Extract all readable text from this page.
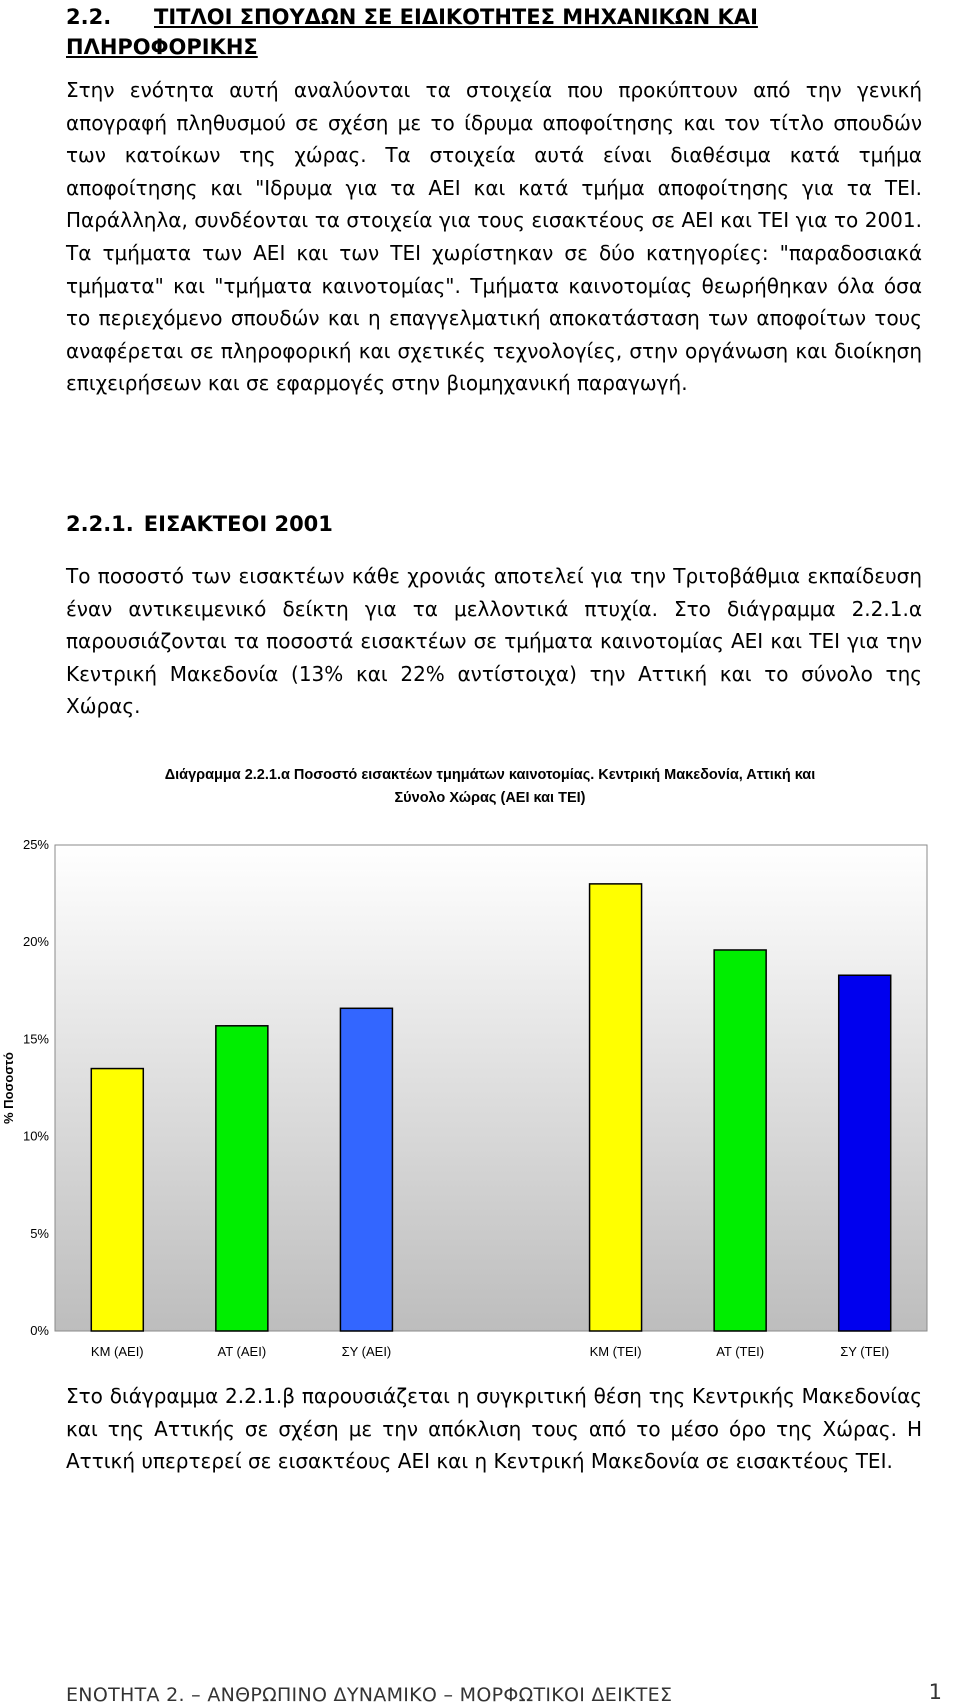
2.2. ΤΙΤΛΟΙ ΣΠΟΥΔΩΝ ΣΕ ΕΙΔΙΚΟΤΗΤΕΣ ΜΗΧΑΝΙΚΩΝ ΚΑΙ ΠΛΗΡΟΦΟΡΙΚΗΣ
Στην ενότητα αυτή αναλύονται τα στοιχεία που προκύπτουν από την γενική απογραφή πληθυσμού σε σχέση με το ίδρυμα αποφοίτησης και τον τίτλο σπουδών των κατοίκων της χώρας. Τα στοιχεία αυτά είναι διαθέσιμα κατά τμήμα αποφοίτησης και "Ιδρυμα για τα ΑΕΙ και κατά τμήμα αποφοίτησης για τα ΤΕΙ. Παράλληλα, συνδέονται τα στοιχεία για τους εισακτέους σε ΑΕΙ και ΤΕΙ για το 2001. Τα τμήματα των ΑΕΙ και των ΤΕΙ χωρίστηκαν σε δύο κατηγορίες: "παραδοσιακά τμήματα" και "τμήματα καινοτομίας". Τμήματα καινοτομίας θεωρήθηκαν όλα όσα το περιεχόμενο σπουδών και η επαγγελματική αποκατάσταση των αποφοίτων τους αναφέρεται σε πληροφορική και σχετικές τεχνολογίες, στην οργάνωση και διοίκηση επιχειρήσεων και σε εφαρμογές στην βιομηχανική παραγωγή.
2.2.1. ΕΙΣΑΚΤΕΟΙ 2001
Το ποσοστό των εισακτέων κάθε χρονιάς αποτελεί για την Τριτοβάθμια εκπαίδευση έναν αντικειμενικό δείκτη για τα μελλοντικά πτυχία. Στο διάγραμμα 2.2.1.α παρουσιάζονται τα ποσοστά εισακτέων σε τμήματα καινοτομίας ΑΕΙ και ΤΕΙ για την Κεντρική Μακεδονία (13% και 22% αντίστοιχα) την Αττική και το σύνολο της Χώρας.
Διάγραμμα 2.2.1.α Ποσοστό εισακτέων τμημάτων καινοτομίας. Κεντρική Μακεδονία, Αττική και
Σύνολο Χώρας (ΑΕΙ και ΤΕΙ)
0%
5%
10%
15%
20%
25%
ΚΜ (ΑΕΙ)	ΑΤ (ΑΕΙ)	ΣΥ (ΑΕΙ)	ΚΜ (ΤΕΙ)	ΑΤ (ΤΕΙ)	ΣΥ (ΤΕΙ)
% Ποσοστό
Στο διάγραμμα 2.2.1.β παρουσιάζεται η συγκριτική θέση της Κεντρικής Μακεδονίας και της Αττικής σε σχέση με την απόκλιση τους από το μέσο όρο της Χώρας. Η Αττική υπερτερεί σε εισακτέους ΑΕΙ και η Κεντρική Μακεδονία σε εισακτέους ΤΕΙ.
ΕΝΟΤΗΤΑ 2. – ΑΝΘΡΩΠΙΝΟ ΔΥΝΑΜΙΚΟ – ΜΟΡΦΩΤΙΚΟΙ ΔΕΙΚΤΕΣ	1
